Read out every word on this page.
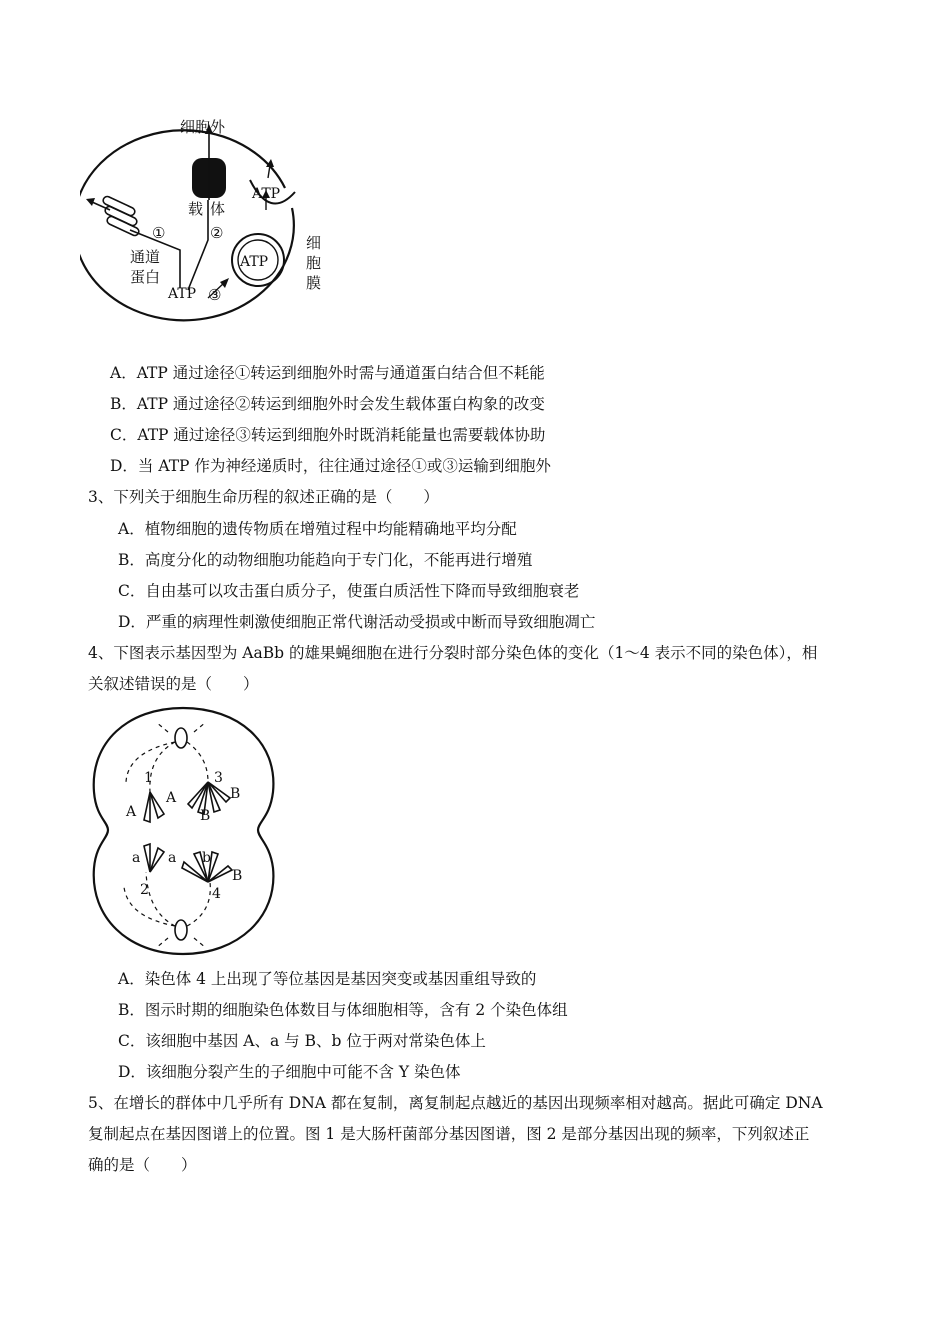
细胞外
载 体
②
①
通道
蛋白
ATP ③
ATP
ATP
细
胞
膜
A．ATP 通过途径①转运到细胞外时需与通道蛋白结合但不耗能
B．ATP 通过途径②转运到细胞外时会发生载体蛋白构象的改变
C．ATP 通过途径③转运到细胞外时既消耗能量也需要载体协助
D．当 ATP 作为神经递质时，往往通过途径①或③运输到细胞外
3、下列关于细胞生命历程的叙述正确的是（　　）
A．植物细胞的遗传物质在增殖过程中均能精确地平均分配
B．高度分化的动物细胞功能趋向于专门化，不能再进行增殖
C．自由基可以攻击蛋白质分子，使蛋白质活性下降而导致细胞衰老
D．严重的病理性刺激使细胞正常代谢活动受损或中断而导致细胞凋亡
4、下图表示基因型为 AaBb 的雄果蝇细胞在进行分裂时部分染色体的变化（1～4 表示不同的染色体），相
关叙述错误的是（　　）
1	3
2	4
A
A	B
B
a a b
B
A．染色体 4 上出现了等位基因是基因突变或基因重组导致的
B．图示时期的细胞染色体数目与体细胞相等，含有 2 个染色体组
C．该细胞中基因 A、a 与 B、b 位于两对常染色体上
D．该细胞分裂产生的子细胞中可能不含 Y 染色体
5、在增长的群体中几乎所有 DNA 都在复制，离复制起点越近的基因出现频率相对越高。据此可确定 DNA
复制起点在基因图谱上的位置。图 1 是大肠杆菌部分基因图谱，图 2 是部分基因出现的频率，下列叙述正
确的是（　　）
